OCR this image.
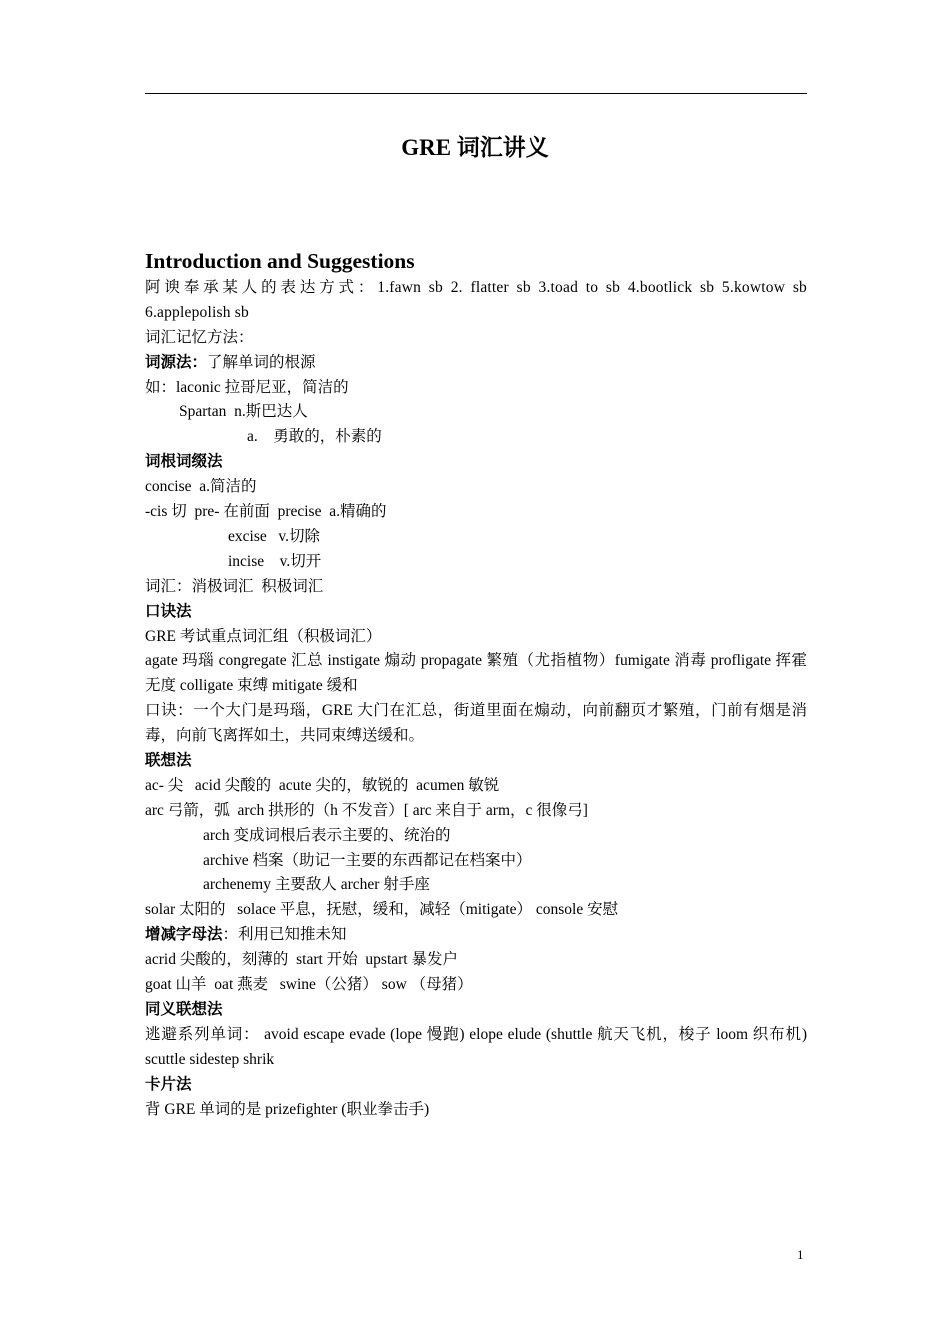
GRE 词汇讲义
Introduction and Suggestions
阿谀奉承某人的表达方式：1.fawn sb 2. flatter sb 3.toad to sb 4.bootlick sb 5.kowtow sb 6.applepolish sb
词汇记忆方法：
词源法：了解单词的根源
如：laconic 拉哥尼亚，简洁的
Spartan  n.斯巴达人
a.    勇敢的，朴素的
词根词缀法
concise  a.简洁的
-cis 切  pre- 在前面  precise  a.精确的
excise   v.切除
incise    v.切开
词汇：消极词汇  积极词汇
口诀法
GRE 考试重点词汇组（积极词汇）
agate 玛瑙 congregate 汇总 instigate 煽动 propagate 繁殖（尤指植物）fumigate 消毒 profligate 挥霍无度 colligate 束缚 mitigate 缓和
口诀：一个大门是玛瑙，GRE 大门在汇总，街道里面在煽动，向前翻页才繁殖，门前有烟是消毒，向前飞离挥如土，共同束缚送缓和。
联想法
ac- 尖   acid 尖酸的  acute 尖的，敏锐的  acumen 敏锐
arc 弓箭，弧  arch 拱形的（h 不发音）[ arc 来自于 arm，c 很像弓]
arch 变成词根后表示主要的、统治的
archive 档案（助记一主要的东西都记在档案中）
archenemy 主要敌人 archer 射手座
solar 太阳的   solace 平息，抚慰，缓和，减轻（mitigate） console 安慰
增减字母法：利用已知推未知
acrid 尖酸的，刻薄的  start 开始  upstart 暴发户
goat 山羊  oat 燕麦   swine（公猪） sow （母猪）
同义联想法
逃避系列单词： avoid escape evade (lope 慢跑) elope elude (shuttle 航天飞机，梭子 loom 织布机) scuttle sidestep shrik
卡片法
背 GRE 单词的是 prizefighter (职业拳击手)
1
